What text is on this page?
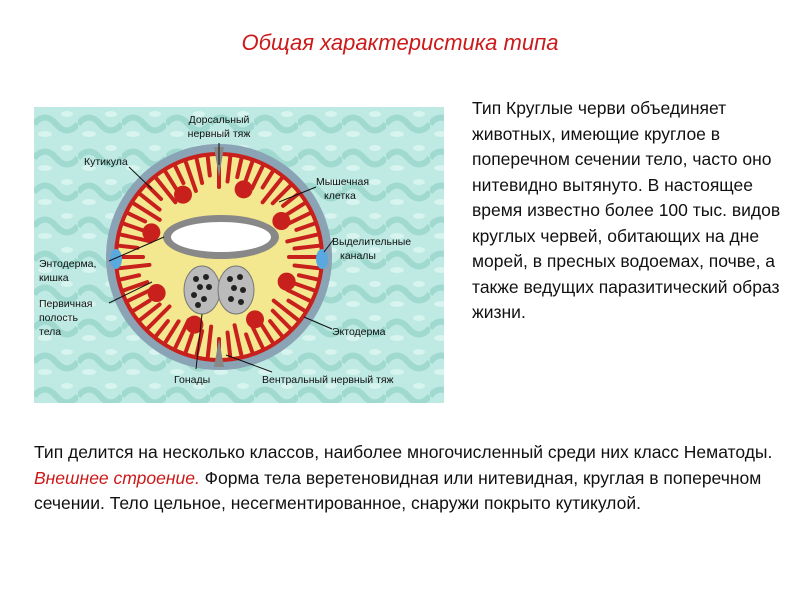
Общая характеристика типа
Дорсальный
нервный тяж
Кутикула
Мышечная
клетка
Выделительные
каналы
Энтодерма,
кишка
Первичная
полость
тела	Эктодерма
Гонады	Вентральный нервный тяж
Тип Круглые черви объединяет животных, имеющие круглое в поперечном сечении тело, часто оно нитевидно вытянуто. В настоящее время известно более 100 тыс. видов круглых червей, обитающих на дне морей, в пресных водоемах, почве, а также ведущих паразитический образ жизни.
Тип делится на несколько классов, наиболее многочисленный среди них класс Нематоды.
Внешнее строение. Форма тела веретеновидная или нитевидная, круглая в поперечном сечении. Тело цельное, несегментированное, снаружи покрыто кутикулой.
